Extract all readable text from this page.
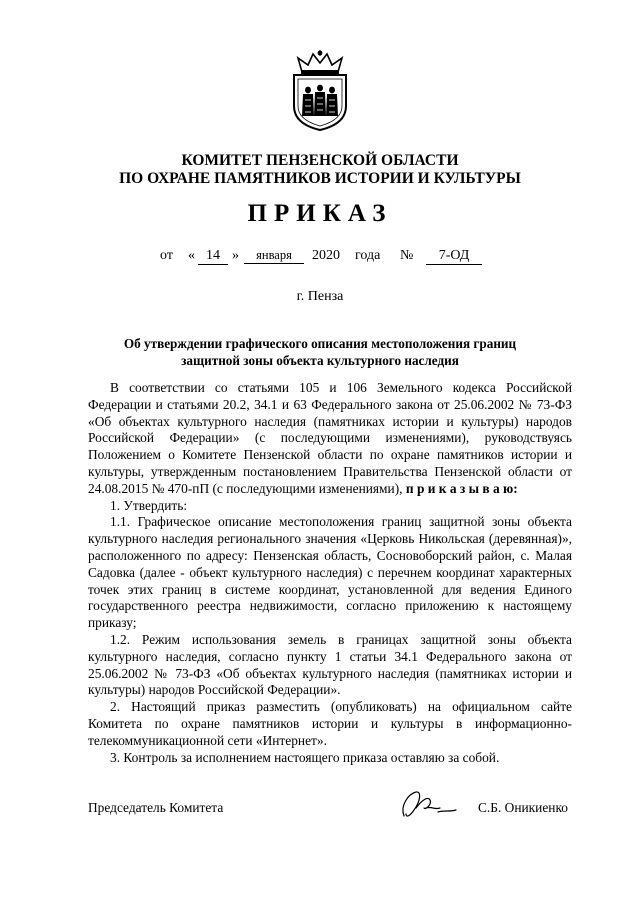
КОМИТЕТ ПЕНЗЕНСКОЙ ОБЛАСТИ
ПО ОХРАНЕ ПАМЯТНИКОВ ИСТОРИИ И КУЛЬТУРЫ
ПРИКАЗ
от « 14 »	января	2020 года №	7-ОД
г. Пенза
Об утверждении графического описания местоположения границ
защитной зоны объекта культурного наследия

В соответствии со статьями 105 и 106 Земельного кодекса Российской Федерации и статьями 20.2, 34.1 и 63 Федерального закона от 25.06.2002 № 73-ФЗ «Об объектах культурного наследия (памятниках истории и культуры) народов Российской Федерации» (с последующими изменениями), руководствуясь Положением о Комитете Пензенской области по охране памятников истории и культуры, утвержденным постановлением Правительства Пензенской области от 24.08.2015 № 470-пП (с последующими изменениями), п р и к а з ы в а ю:

1. Утвердить:

1.1. Графическое описание местоположения границ защитной зоны объекта культурного наследия регионального значения «Церковь Никольская (деревянная)», расположенного по адресу: Пензенская область, Сосновоборский район, с. Малая Садовка (далее - объект культурного наследия) с перечнем координат характерных точек этих границ в системе координат, установленной для ведения Единого государственного реестра недвижимости, согласно приложению к настоящему приказу;

1.2. Режим использования земель в границах защитной зоны объекта культурного наследия, согласно пункту 1 статьи 34.1 Федерального закона от 25.06.2002 № 73-ФЗ «Об объектах культурного наследия (памятниках истории и культуры) народов Российской Федерации».

2. Настоящий приказ разместить (опубликовать) на официальном сайте Комитета по охране памятников истории и культуры в информационно-телекоммуникационной сети «Интернет».

3. Контроль за исполнением настоящего приказа оставляю за собой.

Председатель Комитета	С.Б. Оникиенко
